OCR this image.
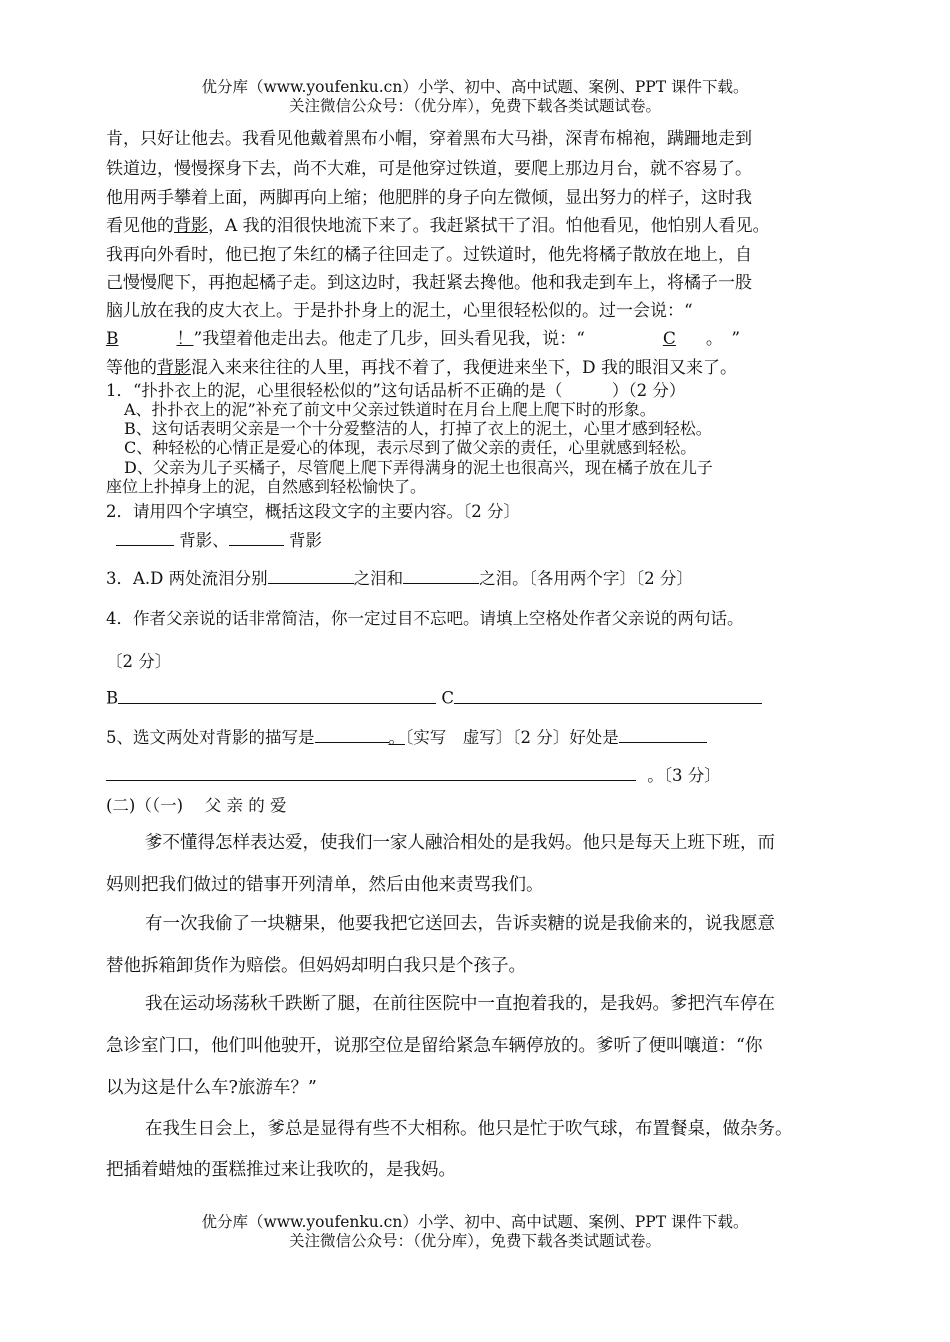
优分库（www.youfenku.cn）小学、初中、高中试题、案例、PPT 课件下载。
关注微信公众号：（优分库），免费下载各类试题试卷。
肯，只好让他去。我看见他戴着黑布小帽，穿着黑布大马褂，深青布棉袍，蹒跚地走到
铁道边，慢慢探身下去，尚不大难，可是他穿过铁道，要爬上那边月台，就不容易了。
他用两手攀着上面，两脚再向上缩；他肥胖的身子向左微倾，显出努力的样子，这时我
看见他的背影，A 我的泪很快地流下来了。我赶紧拭干了泪。怕他看见，他怕别人看见。
我再向外看时，他已抱了朱红的橘子往回走了。过铁道时，他先将橘子散放在地上，自
己慢慢爬下，再抱起橘子走。到这边时，我赶紧去搀他。他和我走到车上，将橘子一股
脑儿放在我的皮大衣上。于是扑扑身上的泥土，心里很轻松似的。过一会说：“
B	！”我望着他走出去。他走了几步，回头看见我，说：“	C 。　”
等他的背影混入来来往往的人里，再找不着了，我便进来坐下，D 我的眼泪又来了。
1．“扑扑衣上的泥，心里很轻松似的”这句话品析不正确的是（　　　）（2 分）
A、扑扑衣上的泥”补充了前文中父亲过铁道时在月台上爬上爬下时的形象。
B、这句话表明父亲是一个十分爱整洁的人，打掉了衣上的泥土，心里才感到轻松。
C、种轻松的心情正是爱心的体现，表示尽到了做父亲的责任，心里就感到轻松。
D、父亲为儿子买橘子，尽管爬上爬下弄得满身的泥土也很高兴，现在橘子放在儿子
座位上扑掉身上的泥，自然感到轻松愉快了。
2．请用四个字填空，概括这段文字的主要内容。〔2 分〕
背影、	背影
3．A.D 两处流泪分别	之泪和	之泪。〔各用两个字〕〔2 分〕
4．作者父亲说的话非常简洁，你一定过目不忘吧。请填上空格处作者父亲说的两句话。
〔2 分〕
B	C
5、选文两处对背影的描写是	。〔实写　虚写〕〔2 分〕好处是
。〔3 分〕
(二)（（一)　 父 亲 的 爱
爹不懂得怎样表达爱，使我们一家人融洽相处的是我妈。他只是每天上班下班，而
妈则把我们做过的错事开列清单，然后由他来责骂我们。
有一次我偷了一块糖果，他要我把它送回去，告诉卖糖的说是我偷来的，说我愿意
替他拆箱卸货作为赔偿。但妈妈却明白我只是个孩子。
我在运动场荡秋千跌断了腿，在前往医院中一直抱着我的，是我妈。爹把汽车停在
急诊室门口，他们叫他驶开，说那空位是留给紧急车辆停放的。爹听了便叫嚷道：“你
以为这是什么车?旅游车？”
在我生日会上，爹总是显得有些不大相称。他只是忙于吹气球，布置餐桌，做杂务。
把插着蜡烛的蛋糕推过来让我吹的，是我妈。
优分库（www.youfenku.cn）小学、初中、高中试题、案例、PPT 课件下载。
关注微信公众号：（优分库），免费下载各类试题试卷。
